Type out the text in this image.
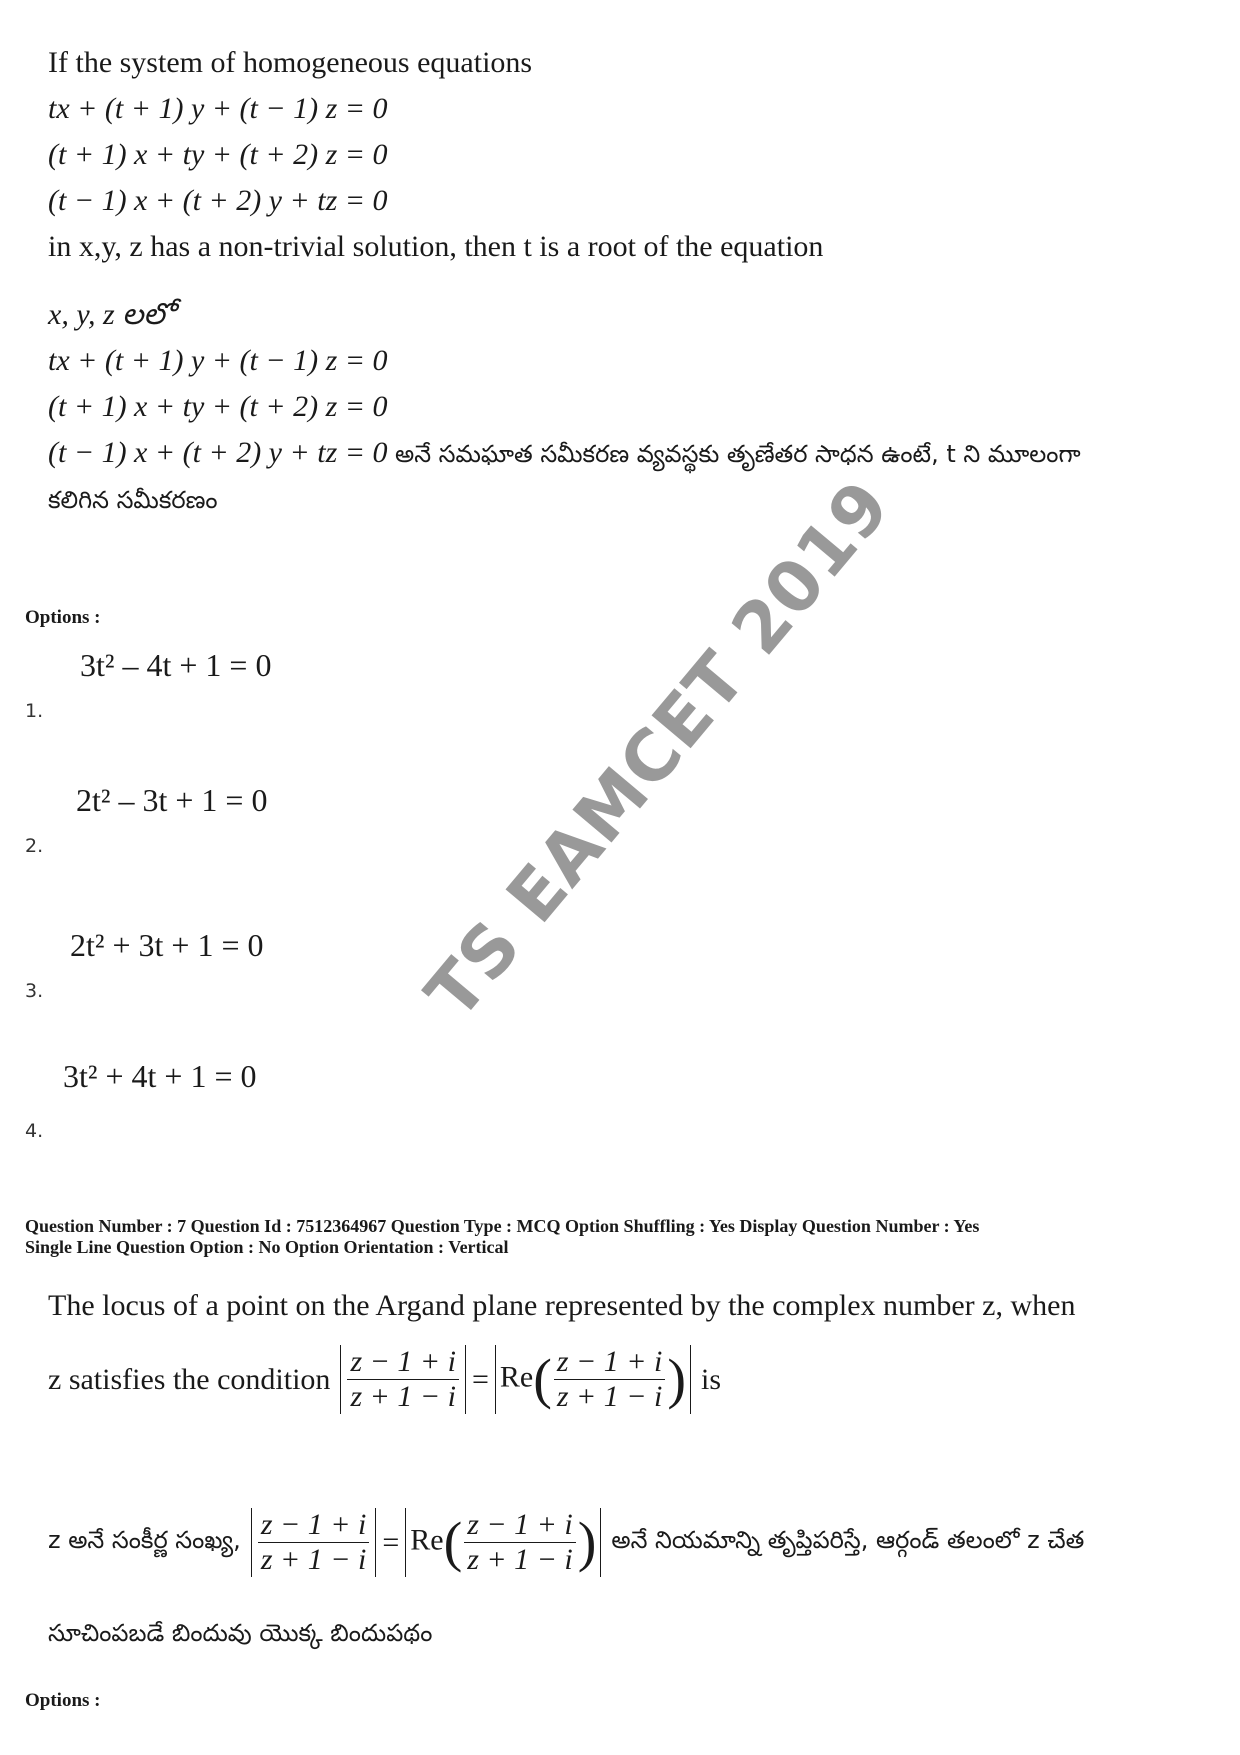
If the system of homogeneous equations
tx + (t + 1) y + (t − 1) z = 0
(t + 1) x + ty + (t + 2) z = 0
(t − 1) x + (t + 2) y + tz = 0
in x,y, z has a non-trivial solution, then t is a root of the equation
x, y, z లలో
tx + (t + 1) y + (t − 1) z = 0
(t + 1) x + ty + (t + 2) z = 0
(t − 1) x + (t + 2) y + tz = 0 అనే సమఘాత సమీకరణ వ్యవస్థకు తృణేతర సాధన ఉంటే, t ని మూలంగా
కలిగిన సమీకరణం
Options :
3t² – 4t + 1 = 0
1.
2t² – 3t + 1 = 0
2.
2t² + 3t + 1 = 0
3.
3t² + 4t + 1 = 0
4.
TS EAMCET 2019
Question Number : 7 Question Id : 7512364967 Question Type : MCQ Option Shuffling : Yes Display Question Number : Yes
Single Line Question Option : No Option Orientation : Vertical
The locus of a point on the Argand plane represented by the complex number z, when
z satisfies the condition $\frac{z - 1 + i}{z + 1 - i} = Re( \frac{z - 1 + i}{z + 1 - i}$ ) is
z అనే సంకీర్ణ సంఖ్య, $\frac{z - 1 + i}{z + 1 - i} = Re( \frac{z - 1 + i}{z + 1 - i}$ ) అనే నియమాన్ని తృప్తిపరిస్తే, ఆర్గండ్ తలంలో z చేత
సూచింపబడే బిందువు యొక్క బిందుపథం
Options :
